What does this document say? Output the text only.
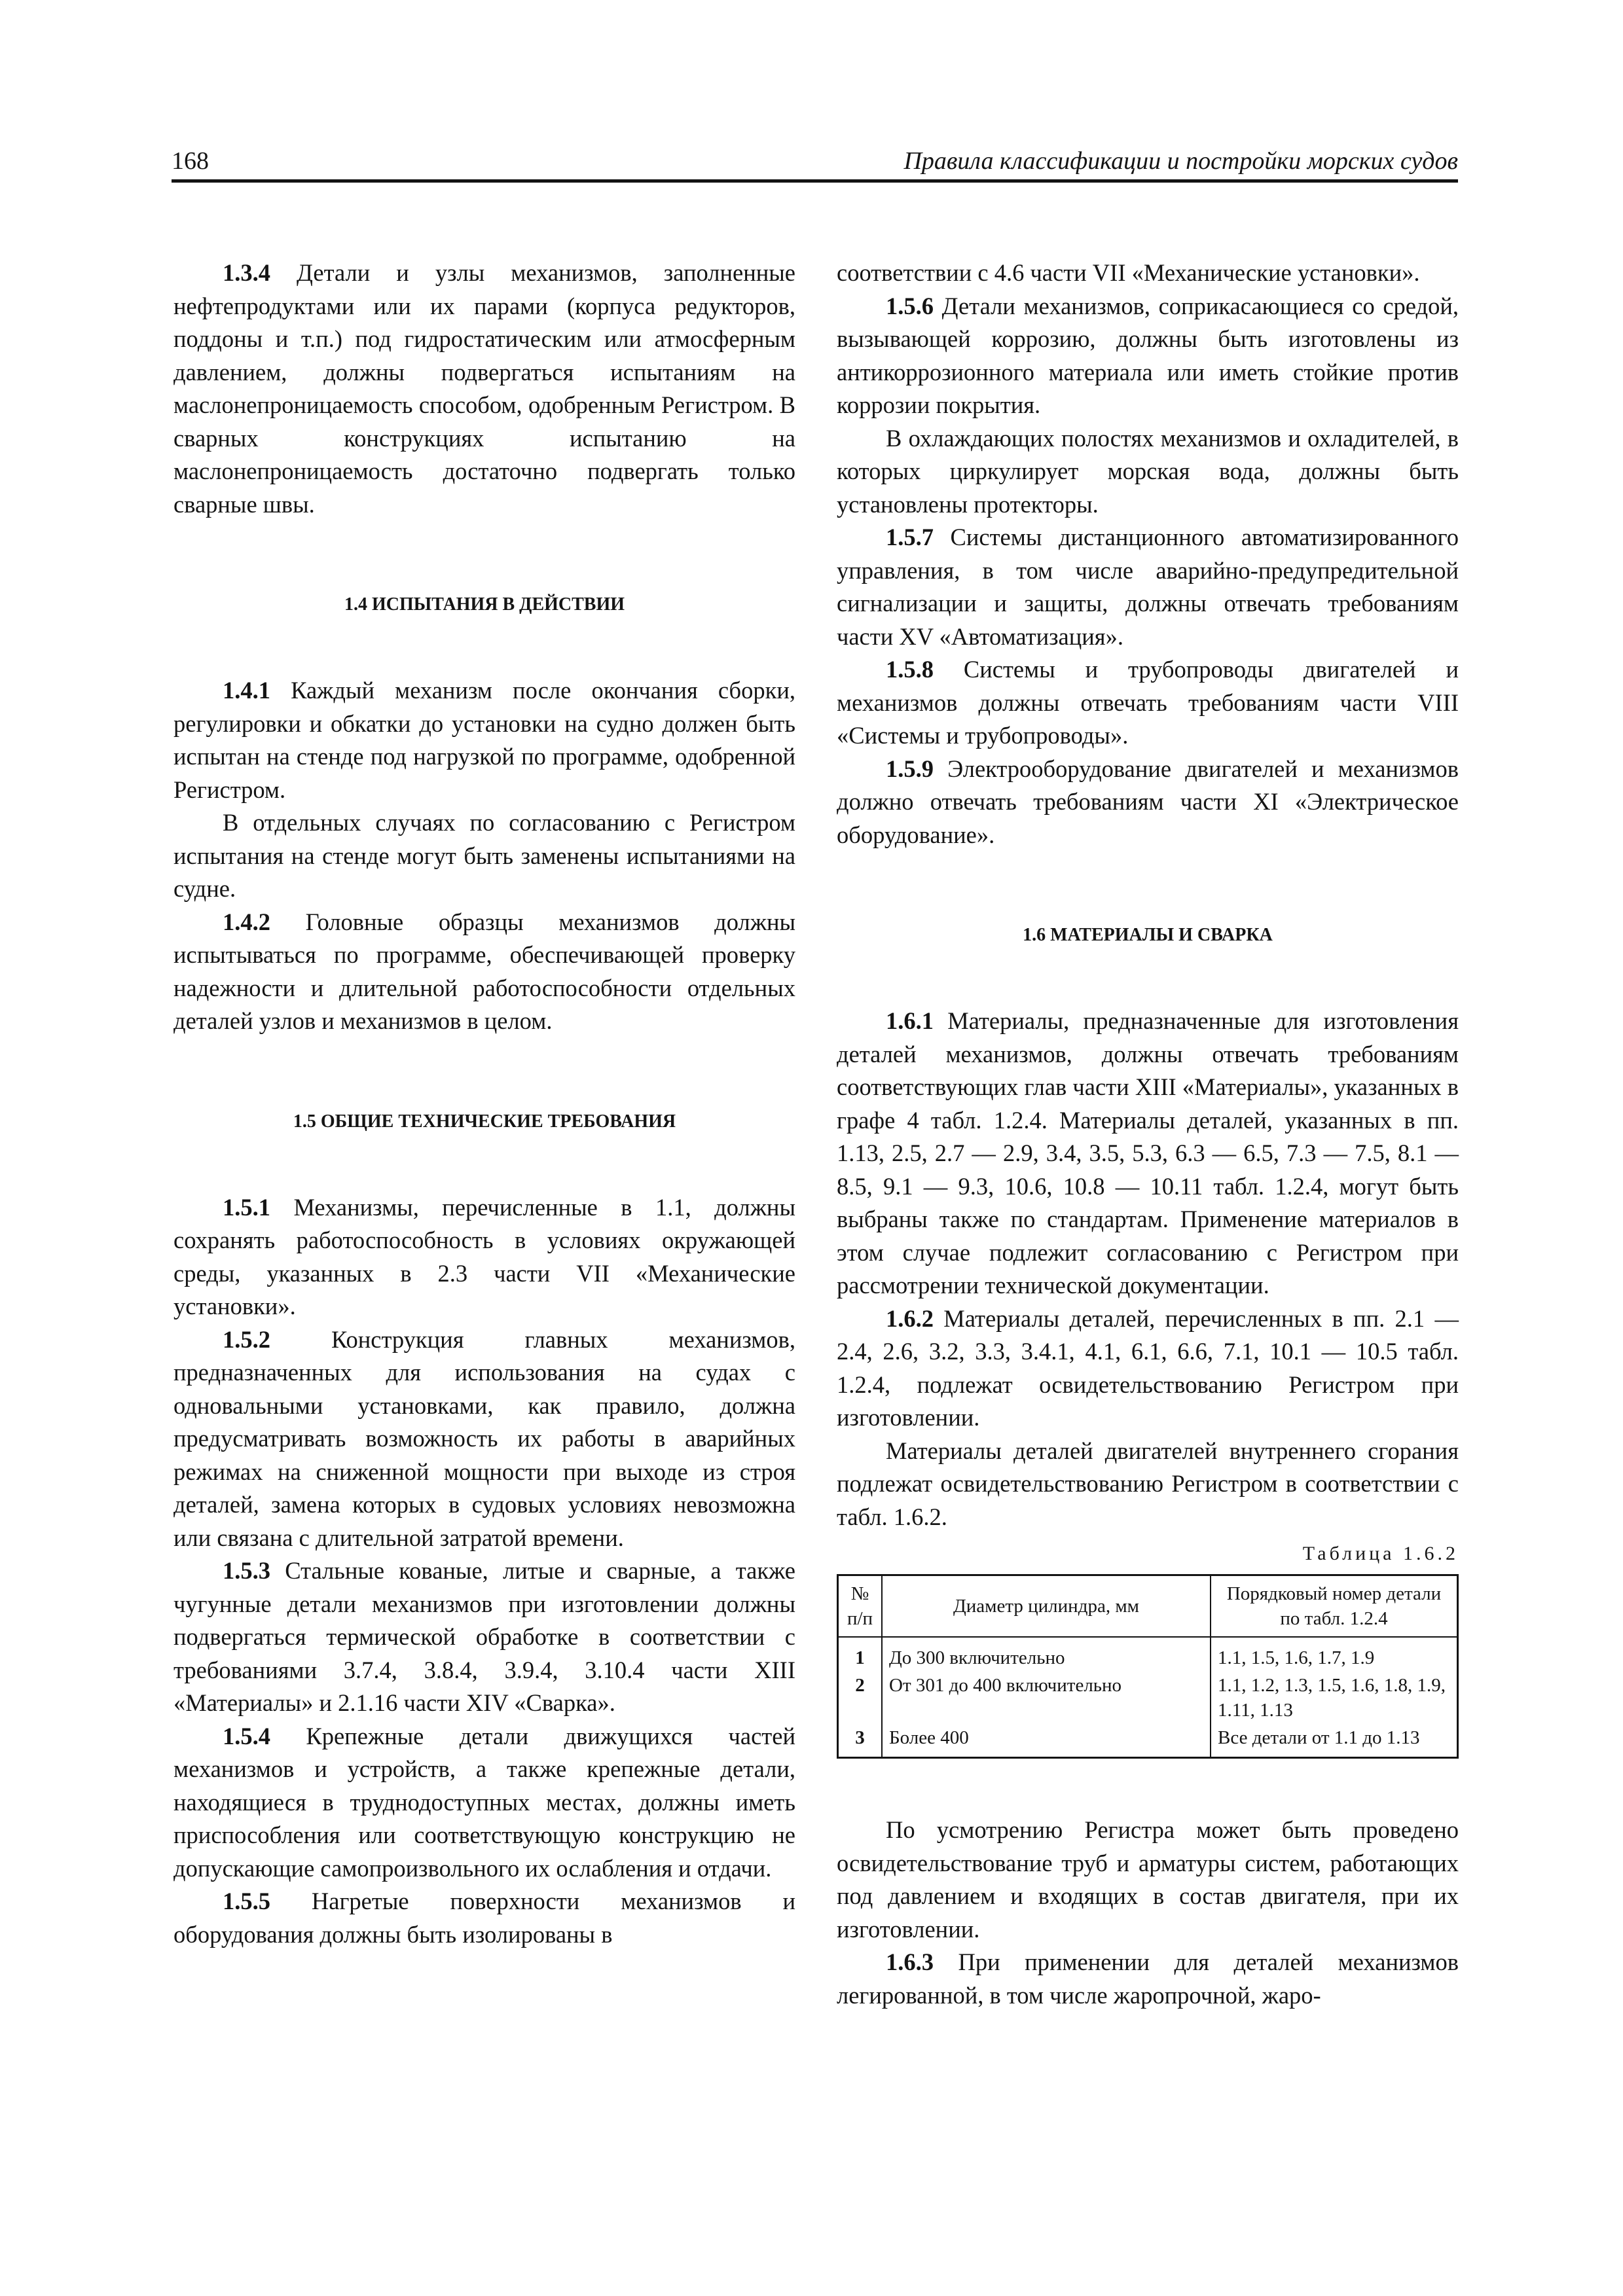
168	Правила классификации и постройки морских судов

1.3.4 Детали и узлы механизмов, заполненные нефтепродуктами или их парами (корпуса редукторов, поддоны и т.п.) под гидростатическим или атмосферным давлением, должны подвергаться испытаниям на маслонепроницаемость способом, одобренным Регистром. В сварных конструкциях испытанию на маслонепроницаемость достаточно подвергать только сварные швы.

1.4 ИСПЫТАНИЯ В ДЕЙСТВИИ

1.4.1 Каждый механизм после окончания сборки, регулировки и обкатки до установки на судно должен быть испытан на стенде под нагрузкой по программе, одобренной Регистром.

В отдельных случаях по согласованию с Регистром испытания на стенде могут быть заменены испытаниями на судне.

1.4.2 Головные образцы механизмов должны испытываться по программе, обеспечивающей проверку надежности и длительной работоспособности отдельных деталей узлов и механизмов в целом.

1.5 ОБЩИЕ ТЕХНИЧЕСКИЕ ТРЕБОВАНИЯ

1.5.1 Механизмы, перечисленные в 1.1, должны сохранять работоспособность в условиях окружающей среды, указанных в 2.3 части VII «Механические установки».

1.5.2 Конструкция главных механизмов, предназначенных для использования на судах с одновальными установками, как правило, должна предусматривать возможность их работы в аварийных режимах на сниженной мощности при выходе из строя деталей, замена которых в судовых условиях невозможна или связана с длительной затратой времени.

1.5.3 Стальные кованые, литые и сварные, а также чугунные детали механизмов при изготовлении должны подвергаться термической обработке в соответствии с требованиями 3.7.4, 3.8.4, 3.9.4, 3.10.4 части XIII «Материалы» и 2.1.16 части XIV «Сварка».

1.5.4 Крепежные детали движущихся частей механизмов и устройств, а также крепежные детали, находящиеся в труднодоступных местах, должны иметь приспособления или соответствующую конструкцию не допускающие самопроизвольного их ослабления и отдачи.

1.5.5 Нагретые поверхности механизмов и оборудования должны быть изолированы в

соответствии с 4.6 части VII «Механические установки».

1.5.6 Детали механизмов, соприкасающиеся со средой, вызывающей коррозию, должны быть изготовлены из антикоррозионного материала или иметь стойкие против коррозии покрытия.

В охлаждающих полостях механизмов и охладителей, в которых циркулирует морская вода, должны быть установлены протекторы.

1.5.7 Системы дистанционного автоматизированного управления, в том числе аварийно-предупредительной сигнализации и защиты, должны отвечать требованиям части XV «Автоматизация».

1.5.8 Системы и трубопроводы двигателей и механизмов должны отвечать требованиям части VIII «Системы и трубопроводы».

1.5.9 Электрооборудование двигателей и механизмов должно отвечать требованиям части XI «Электрическое оборудование».

1.6 МАТЕРИАЛЫ И СВАРКА

1.6.1 Материалы, предназначенные для изготовления деталей механизмов, должны отвечать требованиям соответствующих глав части XIII «Материалы», указанных в графе 4 табл. 1.2.4. Материалы деталей, указанных в пп. 1.13, 2.5, 2.7 — 2.9, 3.4, 3.5, 5.3, 6.3 — 6.5, 7.3 — 7.5, 8.1 — 8.5, 9.1 — 9.3, 10.6, 10.8 — 10.11 табл. 1.2.4, могут быть выбраны также по стандартам. Применение материалов в этом случае подлежит согласованию с Регистром при рассмотрении технической документации.

1.6.2 Материалы деталей, перечисленных в пп. 2.1 — 2.4, 2.6, 3.2, 3.3, 3.4.1, 4.1, 6.1, 6.6, 7.1, 10.1 — 10.5 табл. 1.2.4, подлежат освидетельствованию Регистром при изготовлении.

Материалы деталей двигателей внутреннего сгорания подлежат освидетельствованию Регистром в соответствии с табл. 1.6.2.

Таблица 1.6.2
№ п/п	Диаметр цилиндра, мм	Порядковый номер детали по табл. 1.2.4
1	До 300 включительно	1.1, 1.5, 1.6, 1.7, 1.9
2	От 301 до 400 включительно	1.1, 1.2, 1.3, 1.5, 1.6, 1.8, 1.9, 1.11, 1.13
3	Более 400	Все детали от 1.1 до 1.13

По усмотрению Регистра может быть проведено освидетельствование труб и арматуры систем, работающих под давлением и входящих в состав двигателя, при их изготовлении.

1.6.3 При применении для деталей механизмов легированной, в том числе жаропрочной, жаро-
